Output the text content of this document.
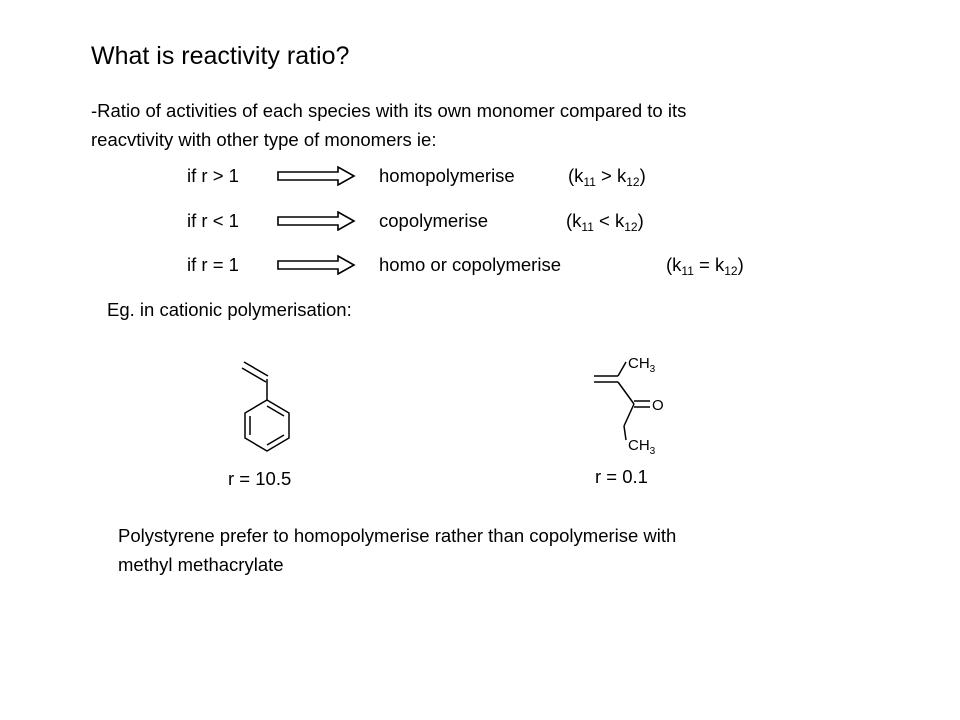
What is reactivity ratio?
-Ratio of activities of each species with its own monomer compared to its
reacvtivity with other type of monomers ie:
if r > 1	homopolymerise	$(k_{11} > k_{12})$
if r < 1	copolymerise	$(k_{11} < k_{12})$
if r = 1	homo or copolymerise	$(k_{11} = k_{12})$
Eg. in cationic polymerisation:
r = 10.5
$CH_3$
O
$CH_3$
r = 0.1
Polystyrene prefer to homopolymerise rather than copolymerise with
methyl methacrylate
